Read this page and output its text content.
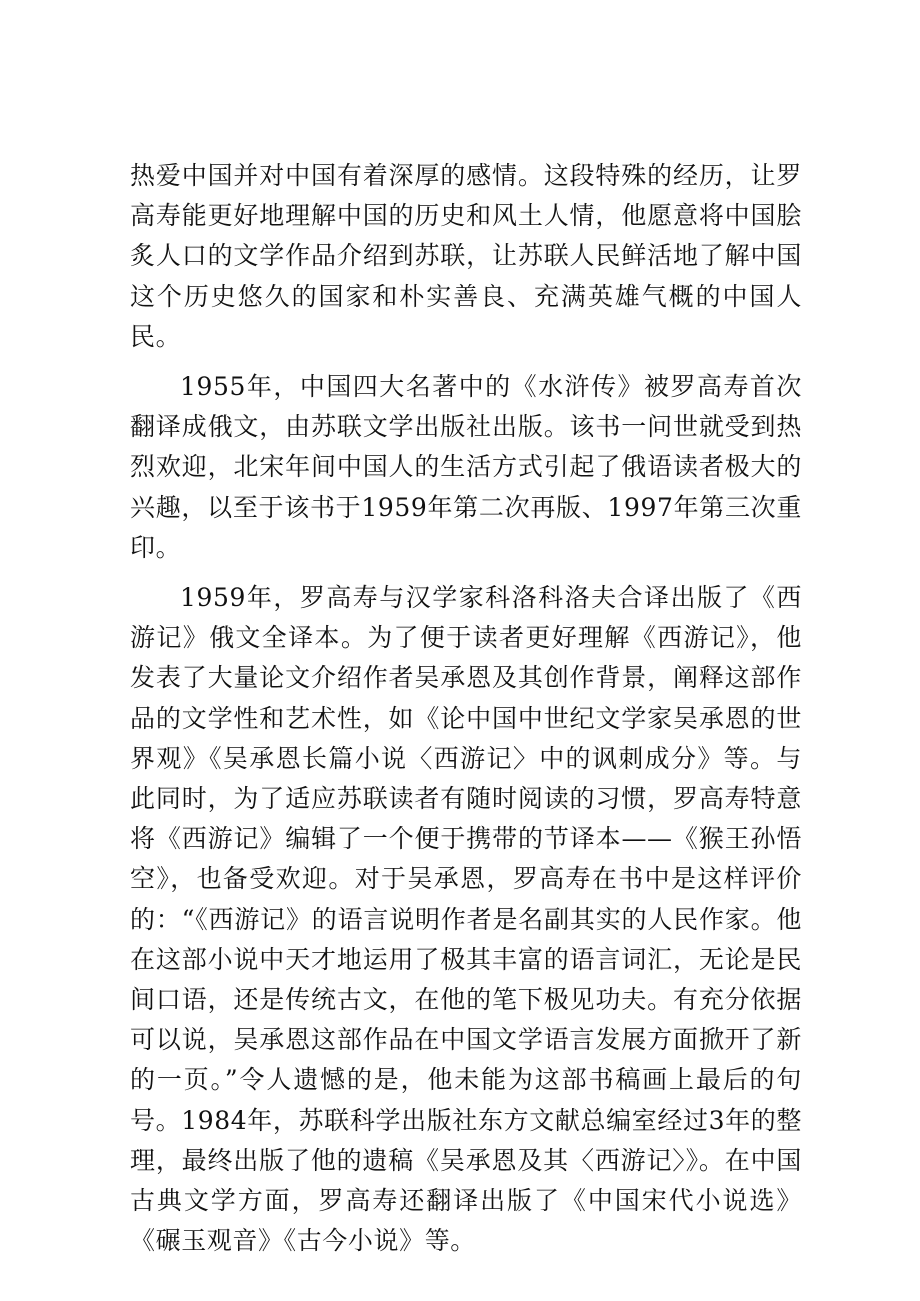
热爱中国并对中国有着深厚的感情。这段特殊的经历，让罗高寿能更好地理解中国的历史和风土人情，他愿意将中国脍炙人口的文学作品介绍到苏联，让苏联人民鲜活地了解中国这个历史悠久的国家和朴实善良、充满英雄气概的中国人民。

1955年，中国四大名著中的《水浒传》被罗高寿首次翻译成俄文，由苏联文学出版社出版。该书一问世就受到热烈欢迎，北宋年间中国人的生活方式引起了俄语读者极大的兴趣，以至于该书于1959年第二次再版、1997年第三次重印。

1959年，罗高寿与汉学家科洛科洛夫合译出版了《西游记》俄文全译本。为了便于读者更好理解《西游记》，他发表了大量论文介绍作者吴承恩及其创作背景，阐释这部作品的文学性和艺术性，如《论中国中世纪文学家吴承恩的世界观》《吴承恩长篇小说〈西游记〉中的讽刺成分》等。与此同时，为了适应苏联读者有随时阅读的习惯，罗高寿特意将《西游记》编辑了一个便于携带的节译本——《猴王孙悟空》，也备受欢迎。对于吴承恩，罗高寿在书中是这样评价的：“《西游记》的语言说明作者是名副其实的人民作家。他在这部小说中天才地运用了极其丰富的语言词汇，无论是民间口语，还是传统古文，在他的笔下极见功夫。有充分依据可以说，吴承恩这部作品在中国文学语言发展方面掀开了新的一页。”令人遗憾的是，他未能为这部书稿画上最后的句号。1984年，苏联科学出版社东方文献总编室经过3年的整理，最终出版了他的遗稿《吴承恩及其〈西游记〉》。在中国古典文学方面，罗高寿还翻译出版了《中国宋代小说选》《碾玉观音》《古今小说》等。
